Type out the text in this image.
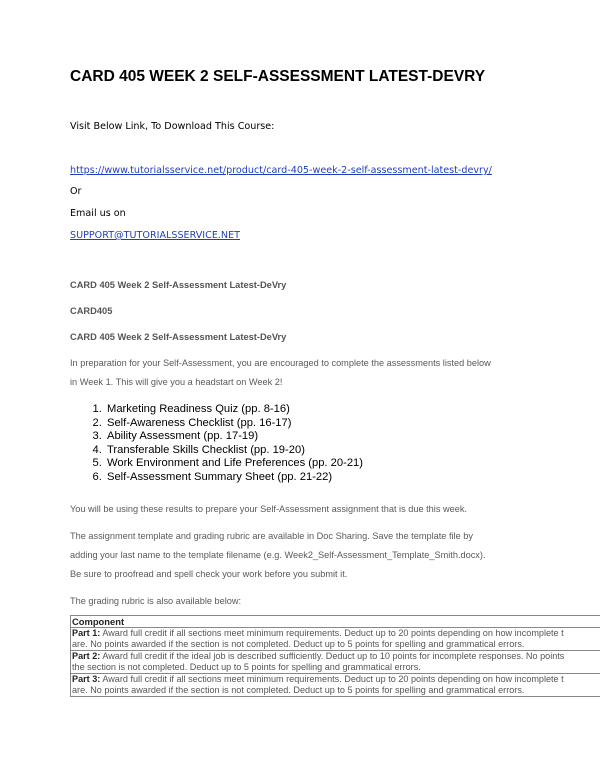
CARD 405 WEEK 2 SELF-ASSESSMENT LATEST-DEVRY
Visit Below Link, To Download This Course:
https://www.tutorialsservice.net/product/card-405-week-2-self-assessment-latest-devry/
Or
Email us on
SUPPORT@TUTORIALSSERVICE.NET
CARD 405 Week 2 Self-Assessment Latest-DeVry
CARD405
CARD 405 Week 2 Self-Assessment Latest-DeVry
In preparation for your Self-Assessment, you are encouraged to complete the assessments listed below
in Week 1. This will give you a headstart on Week 2!
1. Marketing Readiness Quiz (pp. 8-16)
2. Self-Awareness Checklist (pp. 16-17)
3. Ability Assessment (pp. 17-19)
4. Transferable Skills Checklist (pp. 19-20)
5. Work Environment and Life Preferences (pp. 20-21)
6. Self-Assessment Summary Sheet (pp. 21-22)
You will be using these results to prepare your Self-Assessment assignment that is due this week.
The assignment template and grading rubric are available in Doc Sharing. Save the template file by
adding your last name to the template filename (e.g. Week2_Self-Assessment_Template_Smith.docx).
Be sure to proofread and spell check your work before you submit it.
The grading rubric is also available below:
Component
Part 1: Award full credit if all sections meet minimum requirements. Deduct up to 20 points depending on how incomplete t
are. No points awarded if the section is not completed. Deduct up to 5 points for spelling and grammatical errors.
Part 2: Award full credit if the ideal job is described sufficiently. Deduct up to 10 points for incomplete responses. No points
the section is not completed. Deduct up to 5 points for spelling and grammatical errors.
Part 3: Award full credit if all sections meet minimum requirements. Deduct up to 20 points depending on how incomplete t
are. No points awarded if the section is not completed. Deduct up to 5 points for spelling and grammatical errors.
